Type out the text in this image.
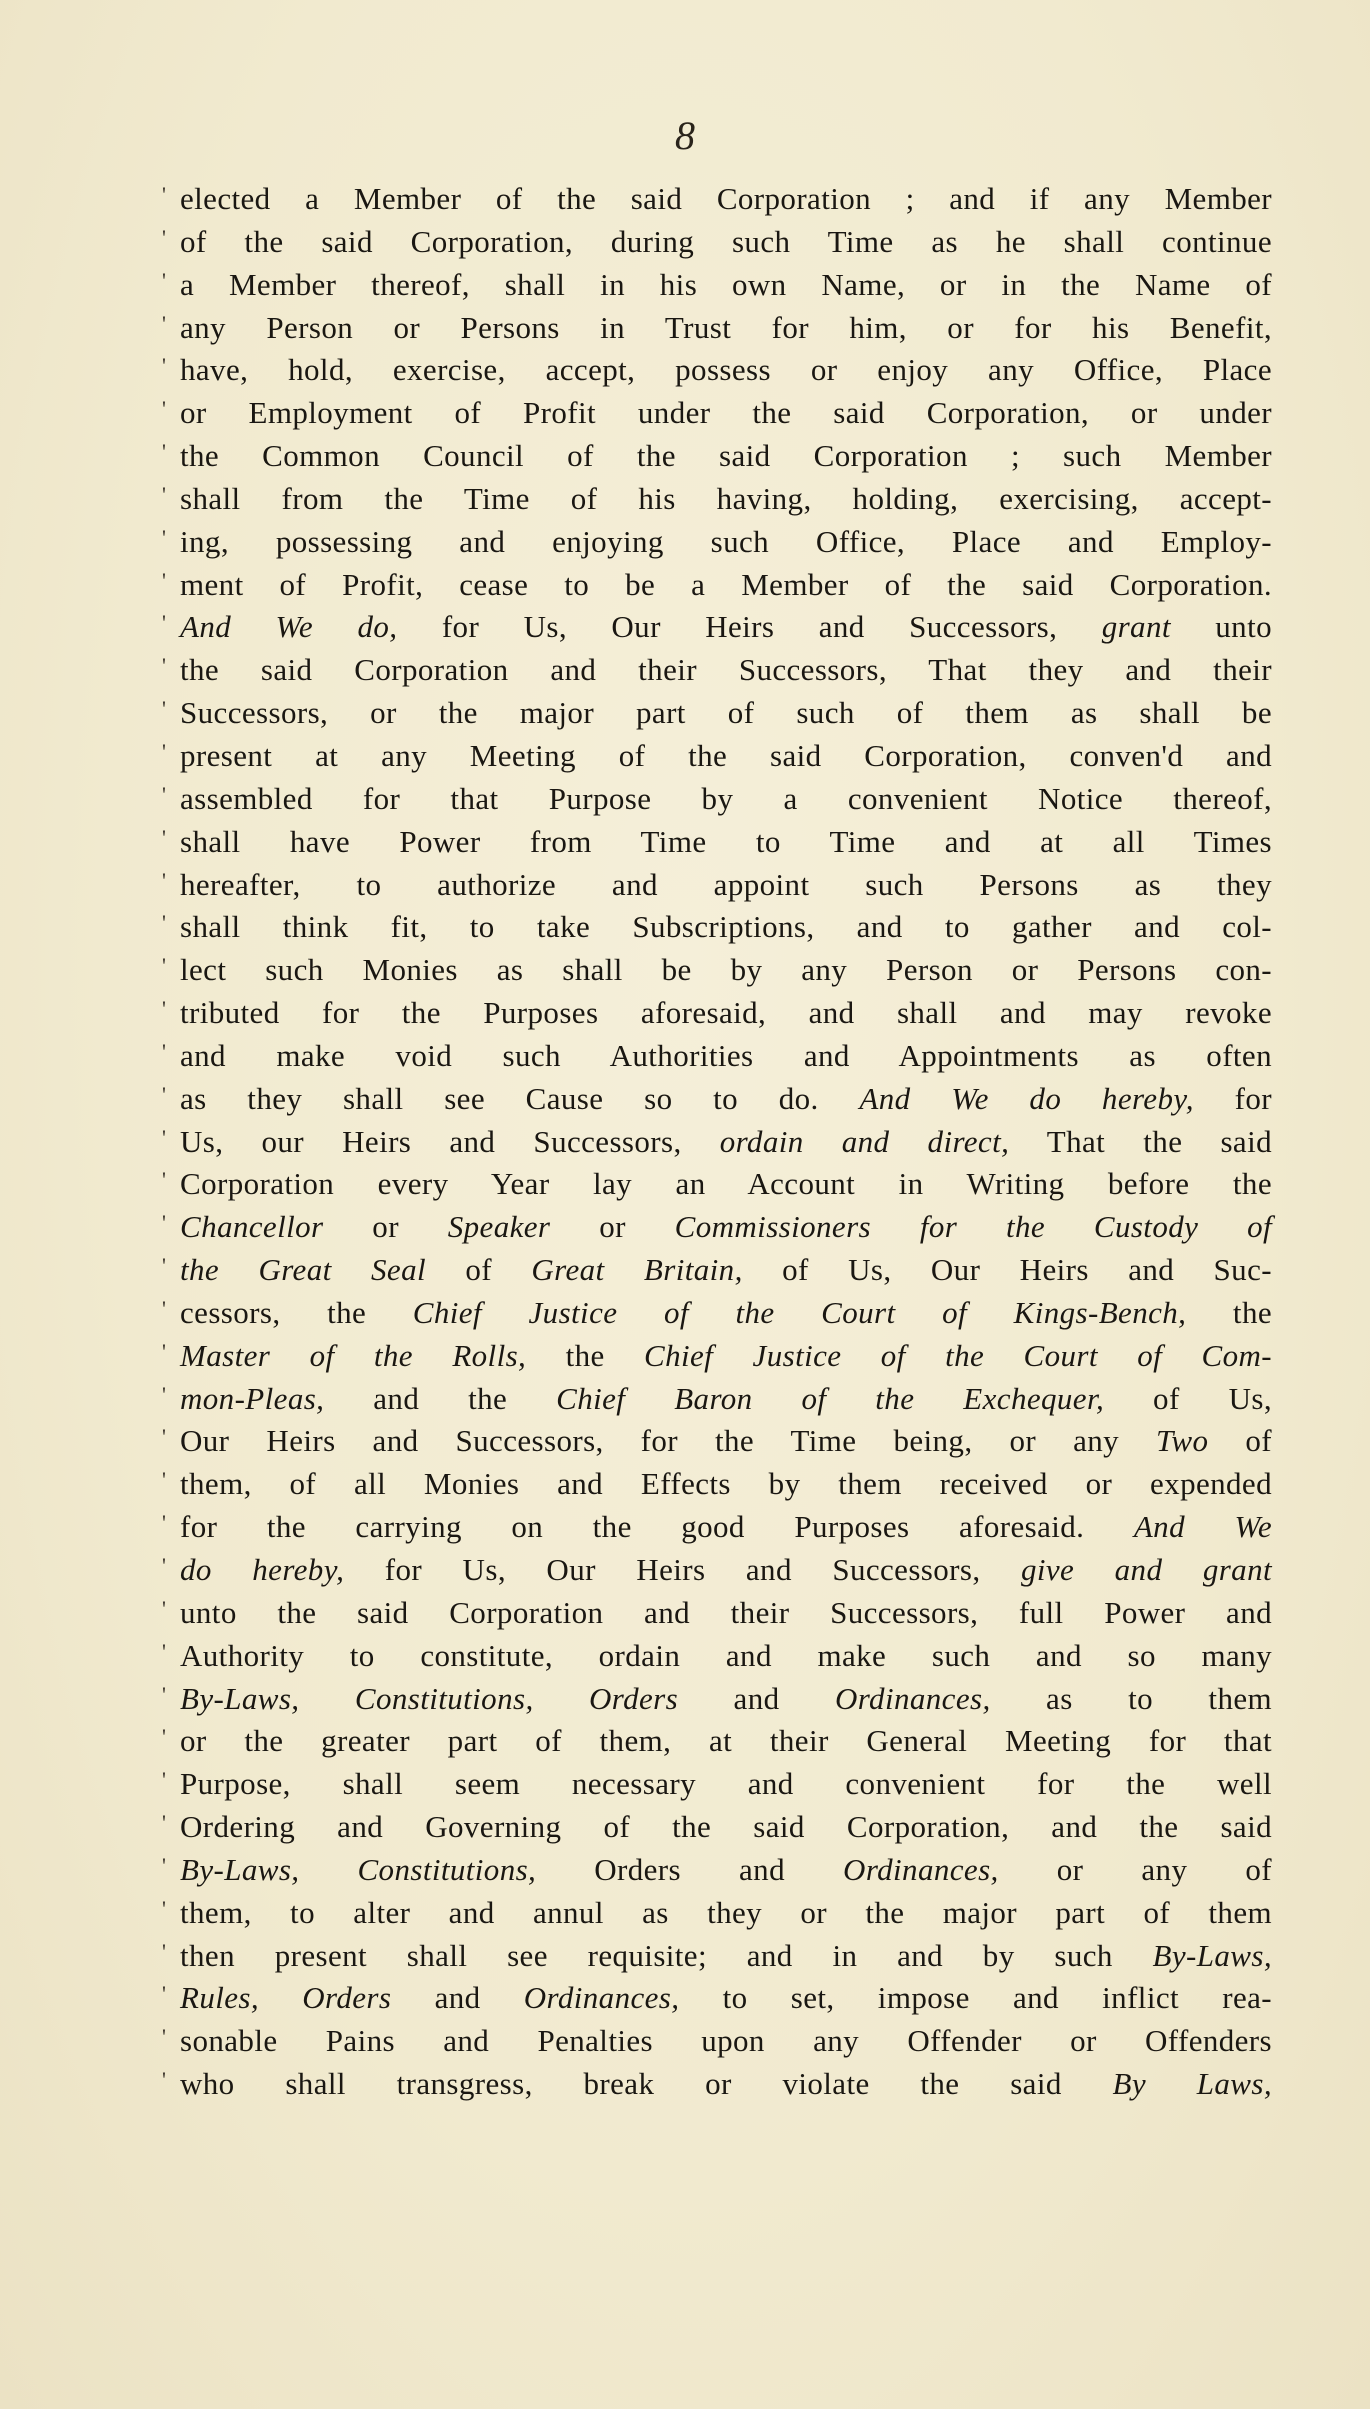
8
' elected a Member of the said Corporation ; and if any Member
' of the said Corporation, during such Time as he shall continue
' a Member thereof, shall in his own Name, or in the Name of
' any Person or Persons in Trust for him, or for his Benefit,
' have, hold, exercise, accept, possess or enjoy any Office, Place
' or Employment of Profit under the said Corporation, or under
' the Common Council of the said Corporation ; such Member
' shall from the Time of his having, holding, exercising, accept-
' ing, possessing and enjoying such Office, Place and Employ-
' ment of Profit, cease to be a Member of the said Corporation.
' And We do, for Us, Our Heirs and Successors, grant unto
' the said Corporation and their Successors, That they and their
' Successors, or the major part of such of them as shall be
' present at any Meeting of the said Corporation, conven'd and
' assembled for that Purpose by a convenient Notice thereof,
' shall have Power from Time to Time and at all Times
' hereafter, to authorize and appoint such Persons as they
' shall think fit, to take Subscriptions, and to gather and col-
' lect such Monies as shall be by any Person or Persons con-
' tributed for the Purposes aforesaid, and shall and may revoke
' and make void such Authorities and Appointments as often
' as they shall see Cause so to do. And We do hereby, for
' Us, our Heirs and Successors, ordain and direct, That the said
' Corporation every Year lay an Account in Writing before the
' Chancellor or Speaker or Commissioners for the Custody of
' the Great Seal of Great Britain, of Us, Our Heirs and Suc-
' cessors, the Chief Justice of the Court of Kings-Bench, the
' Master of the Rolls, the Chief Justice of the Court of Com-
' mon-Pleas, and the Chief Baron of the Exchequer, of Us,
' Our Heirs and Successors, for the Time being, or any Two of
' them, of all Monies and Effects by them received or expended
' for the carrying on the good Purposes aforesaid. And We
' do hereby, for Us, Our Heirs and Successors, give and grant
' unto the said Corporation and their Successors, full Power and
' Authority to constitute, ordain and make such and so many
' By-Laws, Constitutions, Orders and Ordinances, as to them
' or the greater part of them, at their General Meeting for that
' Purpose, shall seem necessary and convenient for the well
' Ordering and Governing of the said Corporation, and the said
' By-Laws, Constitutions, Orders and Ordinances, or any of
' them, to alter and annul as they or the major part of them
' then present shall see requisite; and in and by such By-Laws,
' Rules, Orders and Ordinances, to set, impose and inflict rea-
' sonable Pains and Penalties upon any Offender or Offenders
' who shall transgress, break or violate the said By Laws,
